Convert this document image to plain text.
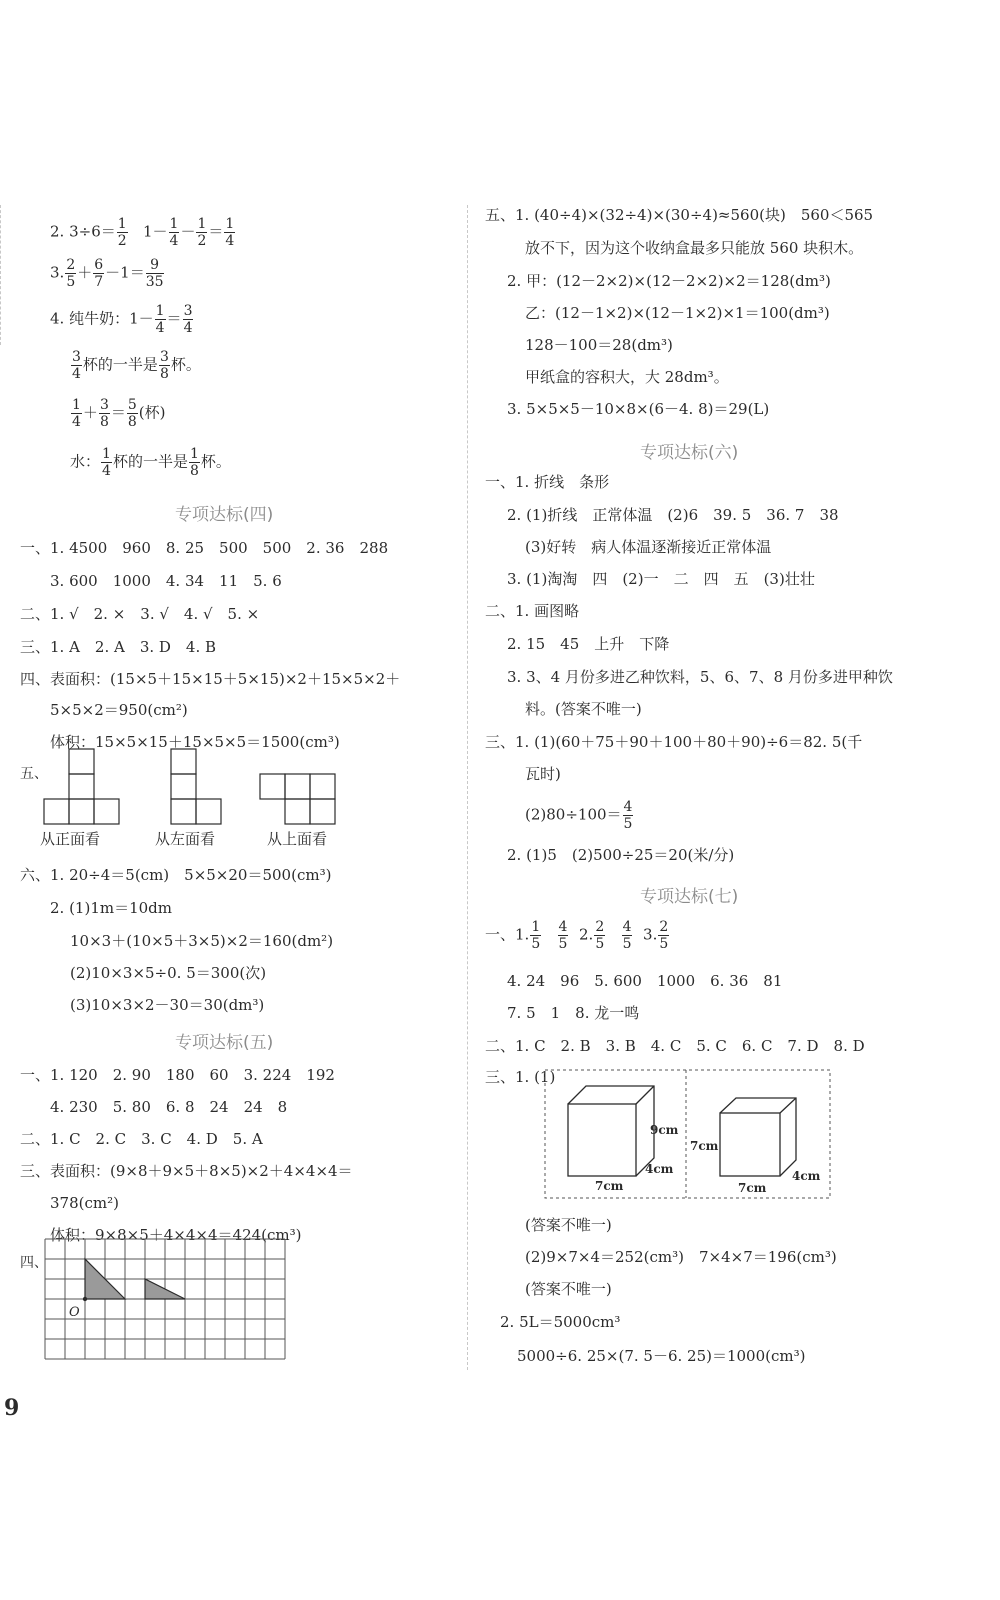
2. $3\div 6= \frac{1}{2} 1- \frac{1}{4} - \frac{1}{2} = \frac{1}{4}$
3. $\frac{2}{5} + \frac{6}{7} -1= \frac{9}{35}$
4. 纯牛奶：$1- \frac{1}{4} = \frac{3}{4}$
$\frac{3}{4}$ 杯的一半是 $\frac{3}{8}$ 杯。
$\frac{1}{4} + \frac{3}{8} = \frac{5}{8}$ (杯)
水： $\frac{1}{4}$ 杯的一半是 $\frac{1}{8}$ 杯。
专项达标(四)
一、1. 4500　960　8. 25　500　500　2. 36　288
3. 600　1000　4. 34　11　5. 6
二、1. √　2. ×　3. √　4. √　5. ×
三、1. A　2. A　3. D　4. B
四、表面积：(15×5＋15×15＋5×15)×2＋15×5×2＋
5×5×2＝950(cm²)
体积：15×5×15＋15×5×5＝1500(cm³)
五、
从正面看	从左面看	从上面看
六、1. 20÷4＝5(cm)　5×5×20＝500(cm³)
2. (1)1m＝10dm
10×3＋(10×5＋3×5)×2＝160(dm²)
(2)10×3×5÷0. 5＝300(次)
(3)10×3×2－30＝30(dm³)
专项达标(五)
一、1. 120　2. 90　180　60　3. 224　192
4. 230　5. 80　6. 8　24　24　8
二、1. C　2. C　3. C　4. D　5. A
三、表面积：(9×8＋9×5＋8×5)×2＋4×4×4＝
378(cm²)
体积：9×8×5＋4×4×4＝424(cm³)
四、
O
9
五、1. (40÷4)×(32÷4)×(30÷4)≈560(块)　560＜565
放不下，因为这个收纳盒最多只能放 560 块积木。
2. 甲：(12－2×2)×(12－2×2)×2＝128(dm³)
乙：(12－1×2)×(12－1×2)×1＝100(dm³)
128－100＝28(dm³)
甲纸盒的容积大，大 28dm³。
3. 5×5×5－10×8×(6－4. 8)＝29(L)
专项达标(六)
一、1. 折线　条形
2. (1)折线　正常体温　(2)6　39. 5　36. 7　38
(3)好转　病人体温逐渐接近正常体温
3. (1)淘淘　四　(2)一　二　四　五　(3)壮壮
二、1. 画图略
2. 15　45　上升　下降
3. 3、4 月份多进乙种饮料，5、6、7、8 月份多进甲种饮
料。(答案不唯一)
三、1. (1)(60＋75＋90＋100＋80＋90)÷6＝82. 5(千
瓦时)
$(2)80\div 100= \frac{4}{5}$
2. (1)5　(2)500÷25＝20(米/分)
专项达标(七)
一、1. $\frac{1}{5}$
$\frac{4}{5} 2$. $\frac{2}{5}$
$\frac{4}{5} 3$. $\frac{2}{5}$
4. 24　96　5. 600　1000　6. 36　81
7. 5　1　8. 龙一鸣
二、1. C　2. B　3. B　4. C　5. C　6. C　7. D　8. D
三、1. (1)
9cm
4cm
7cm
7cm
4cm
7cm
(答案不唯一)
(2)9×7×4＝252(cm³)　7×4×7＝196(cm³)
(答案不唯一)
2. 5L＝5000cm³
5000÷6. 25×(7. 5－6. 25)＝1000(cm³)
